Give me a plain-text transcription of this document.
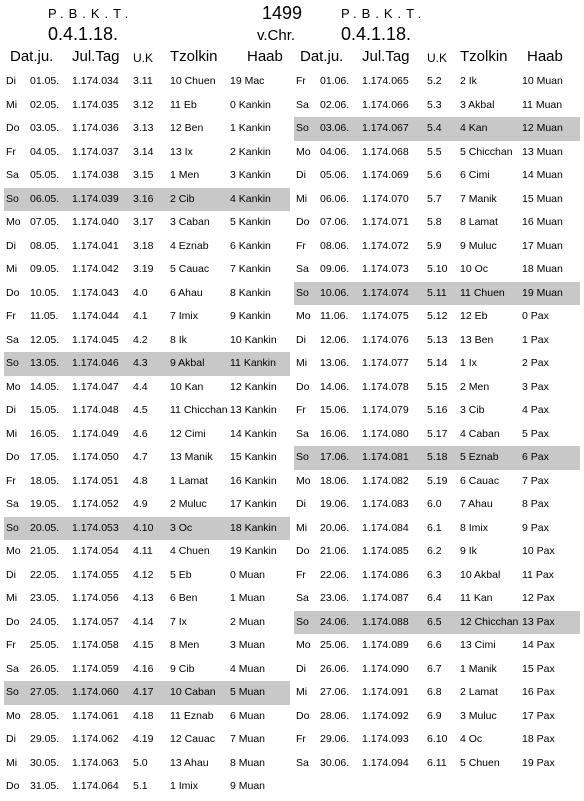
P.B.K.T.
0.4.1.18.
1499
v.Chr.
P.B.K.T.
0.4.1.18.
Dat.ju. Jul.Tag U.K Tzolkin Haab
Di 01.05. 1.174.034 3.11 10 Chuen 19 Mac
Mi 02.05. 1.174.035 3.12 11 Eb	0 Kankin
Do 03.05. 1.174.036 3.13 12 Ben	1 Kankin
Fr 04.05. 1.174.037 3.14 13 Ix	2 Kankin
Sa 05.05. 1.174.038 3.15 1 Men	3 Kankin
So 06.05. 1.174.039 3.16 2 Cib	4 Kankin
Mo 07.05. 1.174.040 3.17 3 Caban 5 Kankin
Di 08.05. 1.174.041 3.18 4 Eznab 6 Kankin
Mi 09.05. 1.174.042 3.19 5 Cauac 7 Kankin
Do 10.05. 1.174.043 4.0 6 Ahau	8 Kankin
Fr 11.05. 1.174.044 4.1 7 Imix	9 Kankin
Sa 12.05. 1.174.045 4.2 8 Ik	10 Kankin
So 13.05. 1.174.046 4.3 9 Akbal 11 Kankin
Mo 14.05. 1.174.047 4.4 10 Kan	12 Kankin
Di 15.05. 1.174.048 4.5 11 Chicchan 13 Kankin
Mi 16.05. 1.174.049 4.6 12 Cimi 14 Kankin
Do 17.05. 1.174.050 4.7 13 Manik 15 Kankin
Fr 18.05. 1.174.051 4.8 1 Lamat 16 Kankin
Sa 19.05. 1.174.052 4.9 2 Muluc 17 Kankin
So 20.05. 1.174.053 4.10 3 Oc	18 Kankin
Mo 21.05. 1.174.054 4.11 4 Chuen 19 Kankin
Di 22.05. 1.174.055 4.12 5 Eb	0 Muan
Mi 23.05. 1.174.056 4.13 6 Ben	1 Muan
Do 24.05. 1.174.057 4.14 7 Ix	2 Muan
Fr 25.05. 1.174.058 4.15 8 Men	3 Muan
Sa 26.05. 1.174.059 4.16 9 Cib	4 Muan
So 27.05. 1.174.060 4.17 10 Caban 5 Muan
Mo 28.05. 1.174.061 4.18 11 Eznab 6 Muan
Di 29.05. 1.174.062 4.19 12 Cauac 7 Muan
Mi 30.05. 1.174.063 5.0 13 Ahau 8 Muan
Do 31.05. 1.174.064 5.1 1 Imix	9 Muan
Dat.ju. Jul.Tag U.K Tzolkin Haab
Fr 01.06. 1.174.065 5.2 2 Ik	10 Muan
Sa 02.06. 1.174.066 5.3 3 Akbal	11 Muan
So 03.06. 1.174.067 5.4 4 Kan	12 Muan
Mo 04.06. 1.174.068 5.5 5 Chicchan 13 Muan
Di 05.06. 1.174.069 5.6 6 Cimi	14 Muan
Mi 06.06. 1.174.070 5.7 7 Manik 15 Muan
Do 07.06. 1.174.071 5.8 8 Lamat 16 Muan
Fr 08.06. 1.174.072 5.9 9 Muluc 17 Muan
Sa 09.06. 1.174.073 5.10 10 Oc	18 Muan
So 10.06. 1.174.074 5.11 11 Chuen 19 Muan
Mo 11.06. 1.174.075 5.12 12 Eb	0 Pax
Di 12.06. 1.174.076 5.13 13 Ben	1 Pax
Mi 13.06. 1.174.077 5.14 1 Ix	2 Pax
Do 14.06. 1.174.078 5.15 2 Men	3 Pax
Fr 15.06. 1.174.079 5.16 3 Cib	4 Pax
Sa 16.06. 1.174.080 5.17 4 Caban 5 Pax
So 17.06. 1.174.081 5.18 5 Eznab 6 Pax
Mo 18.06. 1.174.082 5.19 6 Cauac 7 Pax
Di 19.06. 1.174.083 6.0 7 Ahau	8 Pax
Mi 20.06. 1.174.084 6.1 8 Imix	9 Pax
Do 21.06. 1.174.085 6.2 9 Ik	10 Pax
Fr 22.06. 1.174.086 6.3 10 Akbal 11 Pax
Sa 23.06. 1.174.087 6.4 11 Kan	12 Pax
So 24.06. 1.174.088 6.5 12 Chicchan 13 Pax
Mo 25.06. 1.174.089 6.6 13 Cimi	14 Pax
Di 26.06. 1.174.090 6.7 1 Manik 15 Pax
Mi 27.06. 1.174.091 6.8 2 Lamat 16 Pax
Do 28.06. 1.174.092 6.9 3 Muluc 17 Pax
Fr 29.06. 1.174.093 6.10 4 Oc	18 Pax
Sa 30.06. 1.174.094 6.11 5 Chuen 19 Pax
